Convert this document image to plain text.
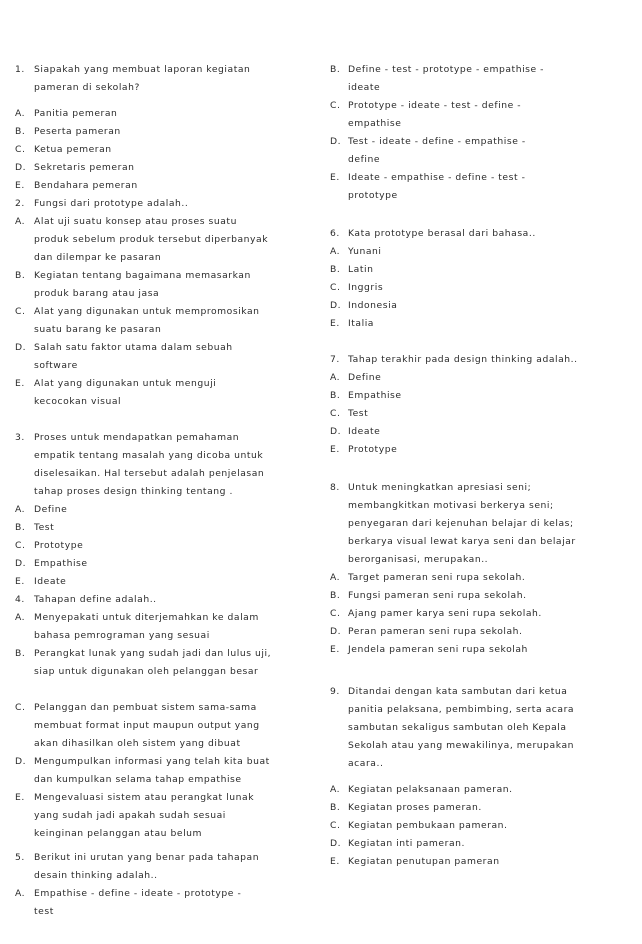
1. Siapakah yang membuat laporan kegiatan
pameran di sekolah?
A. Panitia pemeran
B. Peserta pameran
C. Ketua pemeran
D. Sekretaris pemeran
E. Bendahara pemeran
2. Fungsi dari prototype adalah..
A. Alat uji suatu konsep atau proses suatu
produk sebelum produk tersebut diperbanyak
dan dilempar ke pasaran
B. Kegiatan tentang bagaimana memasarkan
produk barang atau jasa
C. Alat yang digunakan untuk mempromosikan
suatu barang ke pasaran
D. Salah satu faktor utama dalam sebuah
software
E. Alat yang digunakan untuk menguji
kecocokan visual
3. Proses untuk mendapatkan pemahaman
empatik tentang masalah yang dicoba untuk
diselesaikan. Hal tersebut adalah penjelasan
tahap proses design thinking tentang .
A. Define
B. Test
C. Prototype
D. Empathise
E. Ideate
4. Tahapan define adalah..
A. Menyepakati untuk diterjemahkan ke dalam
bahasa pemrograman yang sesuai
B. Perangkat lunak yang sudah jadi dan lulus uji,
siap untuk digunakan oleh pelanggan besar
C. Pelanggan dan pembuat sistem sama-sama
membuat format input maupun output yang
akan dihasilkan oleh sistem yang dibuat
D. Mengumpulkan informasi yang telah kita buat
dan kumpulkan selama tahap empathise
E. Mengevaluasi sistem atau perangkat lunak
yang sudah jadi apakah sudah sesuai
keinginan pelanggan atau belum
5. Berikut ini urutan yang benar pada tahapan
desain thinking adalah..
A. Empathise - define - ideate - prototype -
test
B. Define - test - prototype - empathise -
ideate
C. Prototype - ideate - test - define -
empathise
D. Test - ideate - define - empathise -
define
E. Ideate - empathise - define - test -
prototype
6. Kata prototype berasal dari bahasa..
A. Yunani
B. Latin
C. Inggris
D. Indonesia
E. Italia
7. Tahap terakhir pada design thinking adalah..
A. Define
B. Empathise
C. Test
D. Ideate
E. Prototype
8. Untuk meningkatkan apresiasi seni;
membangkitkan motivasi berkerya seni;
penyegaran dari kejenuhan belajar di kelas;
berkarya visual lewat karya seni dan belajar
berorganisasi, merupakan..
A. Target pameran seni rupa sekolah.
B. Fungsi pameran seni rupa sekolah.
C. Ajang pamer karya seni rupa sekolah.
D. Peran pameran seni rupa sekolah.
E. Jendela pameran seni rupa sekolah
9. Ditandai dengan kata sambutan dari ketua
panitia pelaksana, pembimbing, serta acara
sambutan sekaligus sambutan oleh Kepala
Sekolah atau yang mewakilinya, merupakan
acara..
A. Kegiatan pelaksanaan pameran.
B. Kegiatan proses pameran.
C. Kegiatan pembukaan pameran.
D. Kegiatan inti pameran.
E. Kegiatan penutupan pameran
